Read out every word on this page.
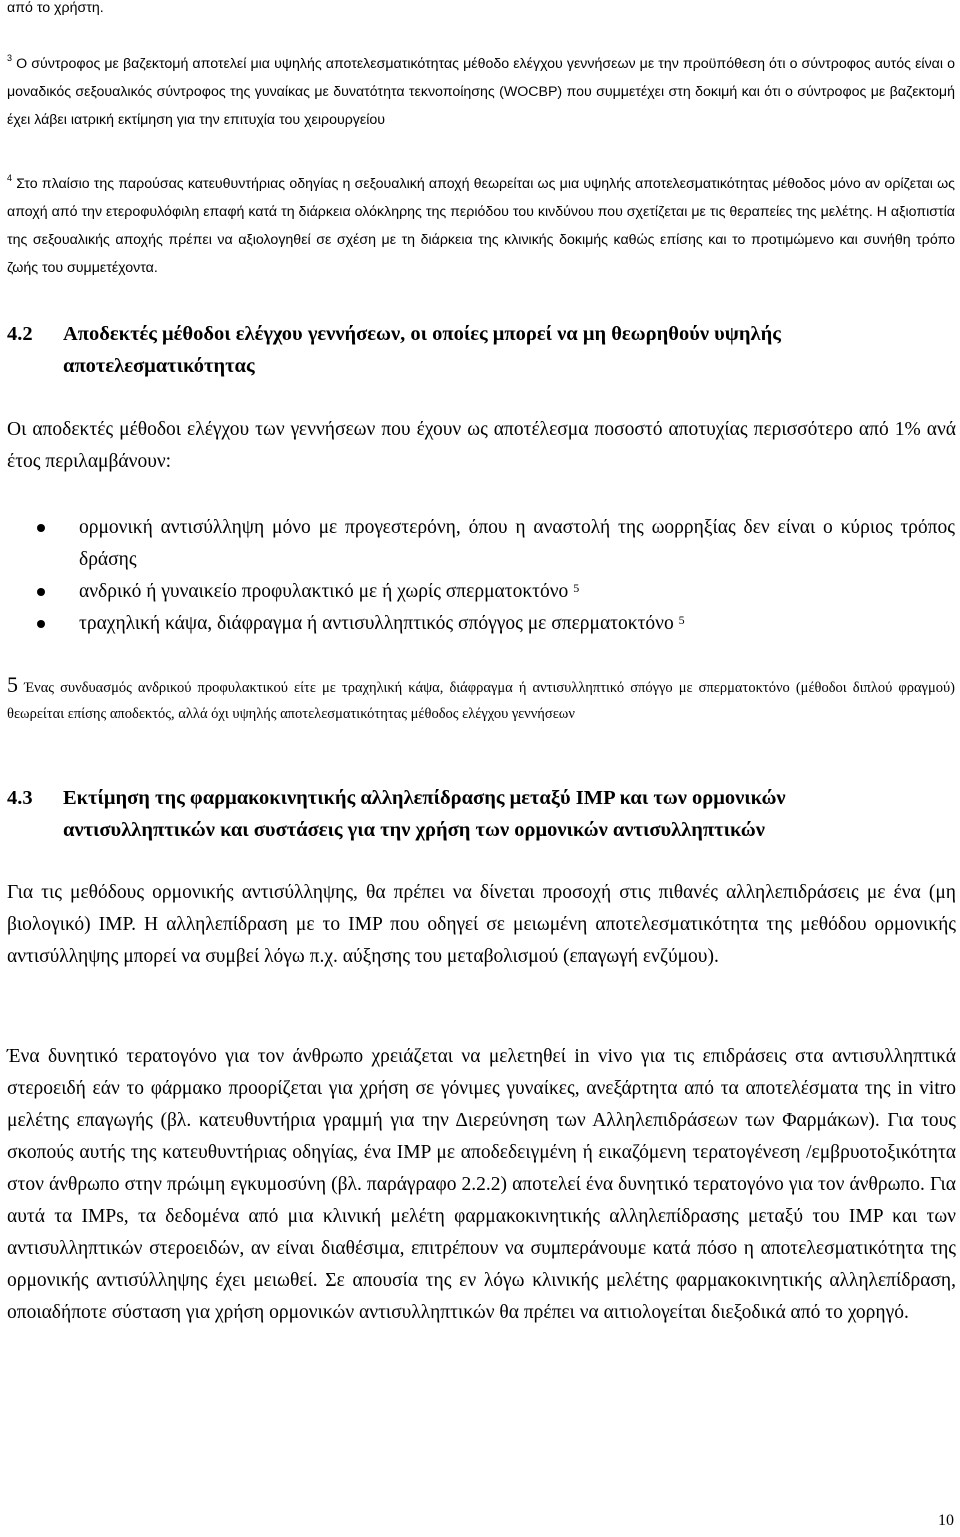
από το χρήστη.
$^3$ Ο σύντροφος με βαζεκτομή αποτελεί μια υψηλής αποτελεσματικότητας μέθοδο ελέγχου γεννήσεων με την προϋπόθεση ότι ο σύντροφος αυτός είναι ο μοναδικός σεξουαλικός σύντροφος της γυναίκας με δυνατότητα τεκνοποίησης (WOCBP) που συμμετέχει στη δοκιμή και ότι ο σύντροφος με βαζεκτομή έχει λάβει ιατρική εκτίμηση για την επιτυχία του χειρουργείου
$^4$ Στο πλαίσιο της παρούσας κατευθυντήριας οδηγίας η σεξουαλική αποχή θεωρείται ως μια υψηλής αποτελεσματικότητας μέθοδος μόνο αν ορίζεται ως αποχή από την ετεροφυλόφιλη επαφή κατά τη διάρκεια ολόκληρης της περιόδου του κινδύνου που σχετίζεται με τις θεραπείες της μελέτης. Η αξιοπιστία της σεξουαλικής αποχής πρέπει να αξιολογηθεί σε σχέση με τη διάρκεια της κλινικής δοκιμής καθώς επίσης και το προτιμώμενο και συνήθη τρόπο ζωής του συμμετέχοντα.
4.2 Αποδεκτές μέθοδοι ελέγχου γεννήσεων, οι οποίες μπορεί να μη θεωρηθούν υψηλής
αποτελεσματικότητας
Οι αποδεκτές μέθοδοι ελέγχου των γεννήσεων που έχουν ως αποτέλεσμα ποσοστό αποτυχίας περισσότερο από 1% ανά έτος περιλαμβάνουν:
ορμονική αντισύλληψη μόνο με προγεστερόνη, όπου η αναστολή της ωορρηξίας δεν είναι ο κύριος τρόπος δράσης
ανδρικό ή γυναικείο προφυλακτικό με ή χωρίς σπερματοκτόνο $^5$
τραχηλική κάψα, διάφραγμα ή αντισυλληπτικός σπόγγος με σπερματοκτόνο $^5$
5 Ένας συνδυασμός ανδρικού προφυλακτικού είτε με τραχηλική κάψα, διάφραγμα ή αντισυλληπτικό σπόγγο με σπερματοκτόνο (μέθοδοι διπλού φραγμού) θεωρείται επίσης αποδεκτός, αλλά όχι υψηλής αποτελεσματικότητας μέθοδος ελέγχου γεννήσεων
4.3 Εκτίμηση της φαρμακοκινητικής αλληλεπίδρασης μεταξύ IMP και των ορμονικών
αντισυλληπτικών και συστάσεις για την χρήση των ορμονικών αντισυλληπτικών
Για τις μεθόδους ορμονικής αντισύλληψης, θα πρέπει να δίνεται προσοχή στις πιθανές αλληλεπιδράσεις με ένα (μη βιολογικό) IMP. Η αλληλεπίδραση με το IMP που οδηγεί σε μειωμένη αποτελεσματικότητα της μεθόδου ορμονικής αντισύλληψης μπορεί να συμβεί λόγω π.χ. αύξησης του μεταβολισμού (επαγωγή ενζύμου).
Ένα δυνητικό τερατογόνο για τον άνθρωπο χρειάζεται να μελετηθεί in vivo για τις επιδράσεις στα αντισυλληπτικά στεροειδή εάν το φάρμακο προορίζεται για χρήση σε γόνιμες γυναίκες, ανεξάρτητα από τα αποτελέσματα της in vitro μελέτης επαγωγής (βλ. κατευθυντήρια γραμμή για την Διερεύνηση των Αλληλεπιδράσεων των Φαρμάκων). Για τους σκοπούς αυτής της κατευθυντήριας οδηγίας, ένα IMP με αποδεδειγμένη ή εικαζόμενη τερατογένεση /εμβρυοτοξικότητα στον άνθρωπο στην πρώιμη εγκυμοσύνη (βλ. παράγραφο 2.2.2) αποτελεί ένα δυνητικό τερατογόνο για τον άνθρωπο. Για αυτά τα IMPs, τα δεδομένα από μια κλινική μελέτη φαρμακοκινητικής αλληλεπίδρασης μεταξύ του IMP και των αντισυλληπτικών στεροειδών, αν είναι διαθέσιμα, επιτρέπουν να συμπεράνουμε κατά πόσο η αποτελεσματικότητα της ορμονικής αντισύλληψης έχει μειωθεί. Σε απουσία της εν λόγω κλινικής μελέτης φαρμακοκινητικής αλληλεπίδραση, οποιαδήποτε σύσταση για χρήση ορμονικών αντισυλληπτικών θα πρέπει να αιτιολογείται διεξοδικά από το χορηγό.
10
